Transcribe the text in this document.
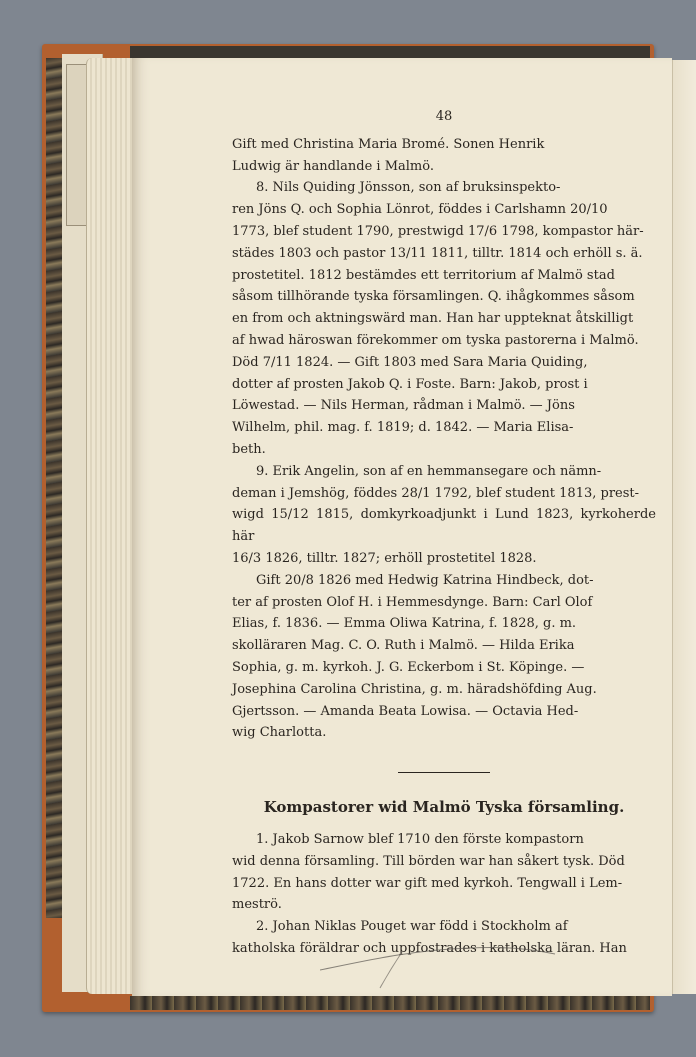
48

Gift med Christina Maria Bromé. Sonen Henrik

Ludwig är handlande i Malmö.

8. Nils Quiding Jönsson, son af bruksinspekto-

ren Jöns Q. och Sophia Lönrot, föddes i Carlshamn 20/10

1773, blef student 1790, prestwigd 17/6 1798, kompastor här-

städes 1803 och pastor 13/11 1811, tilltr. 1814 och erhöll s. ä.

prostetitel. 1812 bestämdes ett territorium af Malmö stad

såsom tillhörande tyska församlingen. Q. ihågkommes såsom

en from och aktningswärd man. Han har uppteknat åtskilligt

af hwad häroswan förekommer om tyska pastorerna i Malmö.

Död 7/11 1824. — Gift 1803 med Sara Maria Quiding,

dotter af prosten Jakob Q. i Foste. Barn: Jakob, prost i

Löwestad. — Nils Herman, rådman i Malmö. — Jöns

Wilhelm, phil. mag. f. 1819; d. 1842. — Maria Elisa-

beth.

9. Erik Angelin, son af en hemmansegare och nämn-

deman i Jemshög, föddes 28/1 1792, blef student 1813, prest-

wigd 15/12 1815, domkyrkoadjunkt i Lund 1823, kyrkoherde här

16/3 1826, tilltr. 1827; erhöll prostetitel 1828.

Gift 20/8 1826 med Hedwig Katrina Hindbeck, dot-

ter af prosten Olof H. i Hemmesdynge. Barn: Carl Olof

Elias, f. 1836. — Emma Oliwa Katrina, f. 1828, g. m.

skolläraren Mag. C. O. Ruth i Malmö. — Hilda Erika

Sophia, g. m. kyrkoh. J. G. Eckerbom i St. Köpinge. —

Josephina Carolina Christina, g. m. häradshöfding Aug.

Gjertsson. — Amanda Beata Lowisa. — Octavia Hed-

wig Charlotta.

Kompastorer wid Malmö Tyska församling.

1. Jakob Sarnow blef 1710 den förste kompastorn

wid denna församling. Till börden war han såkert tysk. Död

1722. En hans dotter war gift med kyrkoh. Tengwall i Lem-

meströ.

2. Johan Niklas Pouget war född i Stockholm af

katholska föräldrar och uppfostrades i katholska läran. Han
